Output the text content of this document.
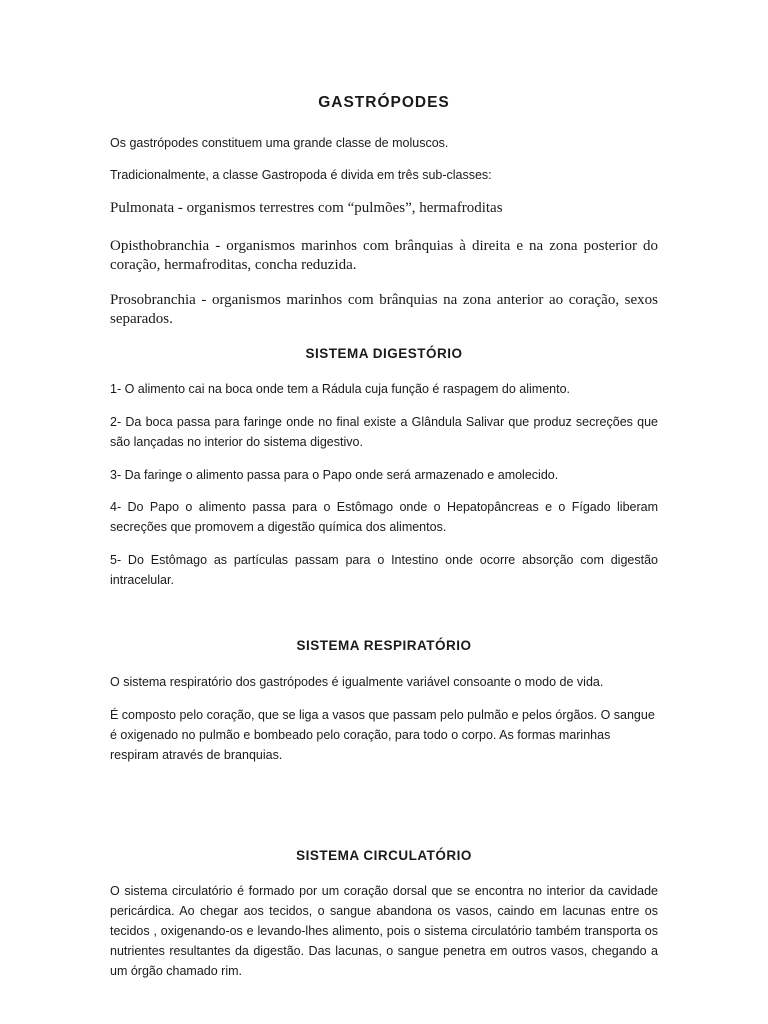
GASTRÓPODES

Os gastrópodes constituem uma grande classe de moluscos.

Tradicionalmente, a classe Gastropoda é divida em três sub-classes:

Pulmonata - organismos terrestres com “pulmões”, hermafroditas

Opisthobranchia - organismos marinhos com brânquias à direita e na zona posterior do coração, hermafroditas, concha reduzida.

Prosobranchia - organismos marinhos com brânquias na zona anterior ao coração, sexos separados.

SISTEMA DIGESTÓRIO

1- O alimento cai na boca onde tem a Rádula cuja função é raspagem do alimento.

2- Da boca passa para faringe onde no final existe a Glândula Salivar que produz secreções que são lançadas no interior do sistema digestivo.

3- Da faringe o alimento passa para o Papo onde será armazenado e amolecido.

4- Do Papo o alimento passa para o Estômago onde o Hepatopâncreas e o Fígado liberam secreções que promovem a digestão química dos alimentos.

5- Do Estômago as partículas passam para o Intestino onde ocorre absorção com digestão intracelular.

SISTEMA RESPIRATÓRIO

O sistema respiratório dos gastrópodes é igualmente variável consoante o modo de vida.

É composto pelo coração, que se liga a vasos que passam pelo pulmão e pelos órgãos. O sangue é oxigenado no pulmão e bombeado pelo coração, para todo o corpo. As formas marinhas respiram através de branquias.

SISTEMA CIRCULATÓRIO

O sistema circulatório é formado por um coração dorsal que se encontra no interior da cavidade pericárdica. Ao chegar aos tecidos, o sangue abandona os vasos, caindo em lacunas entre os tecidos , oxigenando-os e levando-lhes alimento, pois o sistema circulatório também transporta os nutrientes resultantes da digestão. Das lacunas, o sangue penetra em outros vasos, chegando a um órgão chamado rim.
